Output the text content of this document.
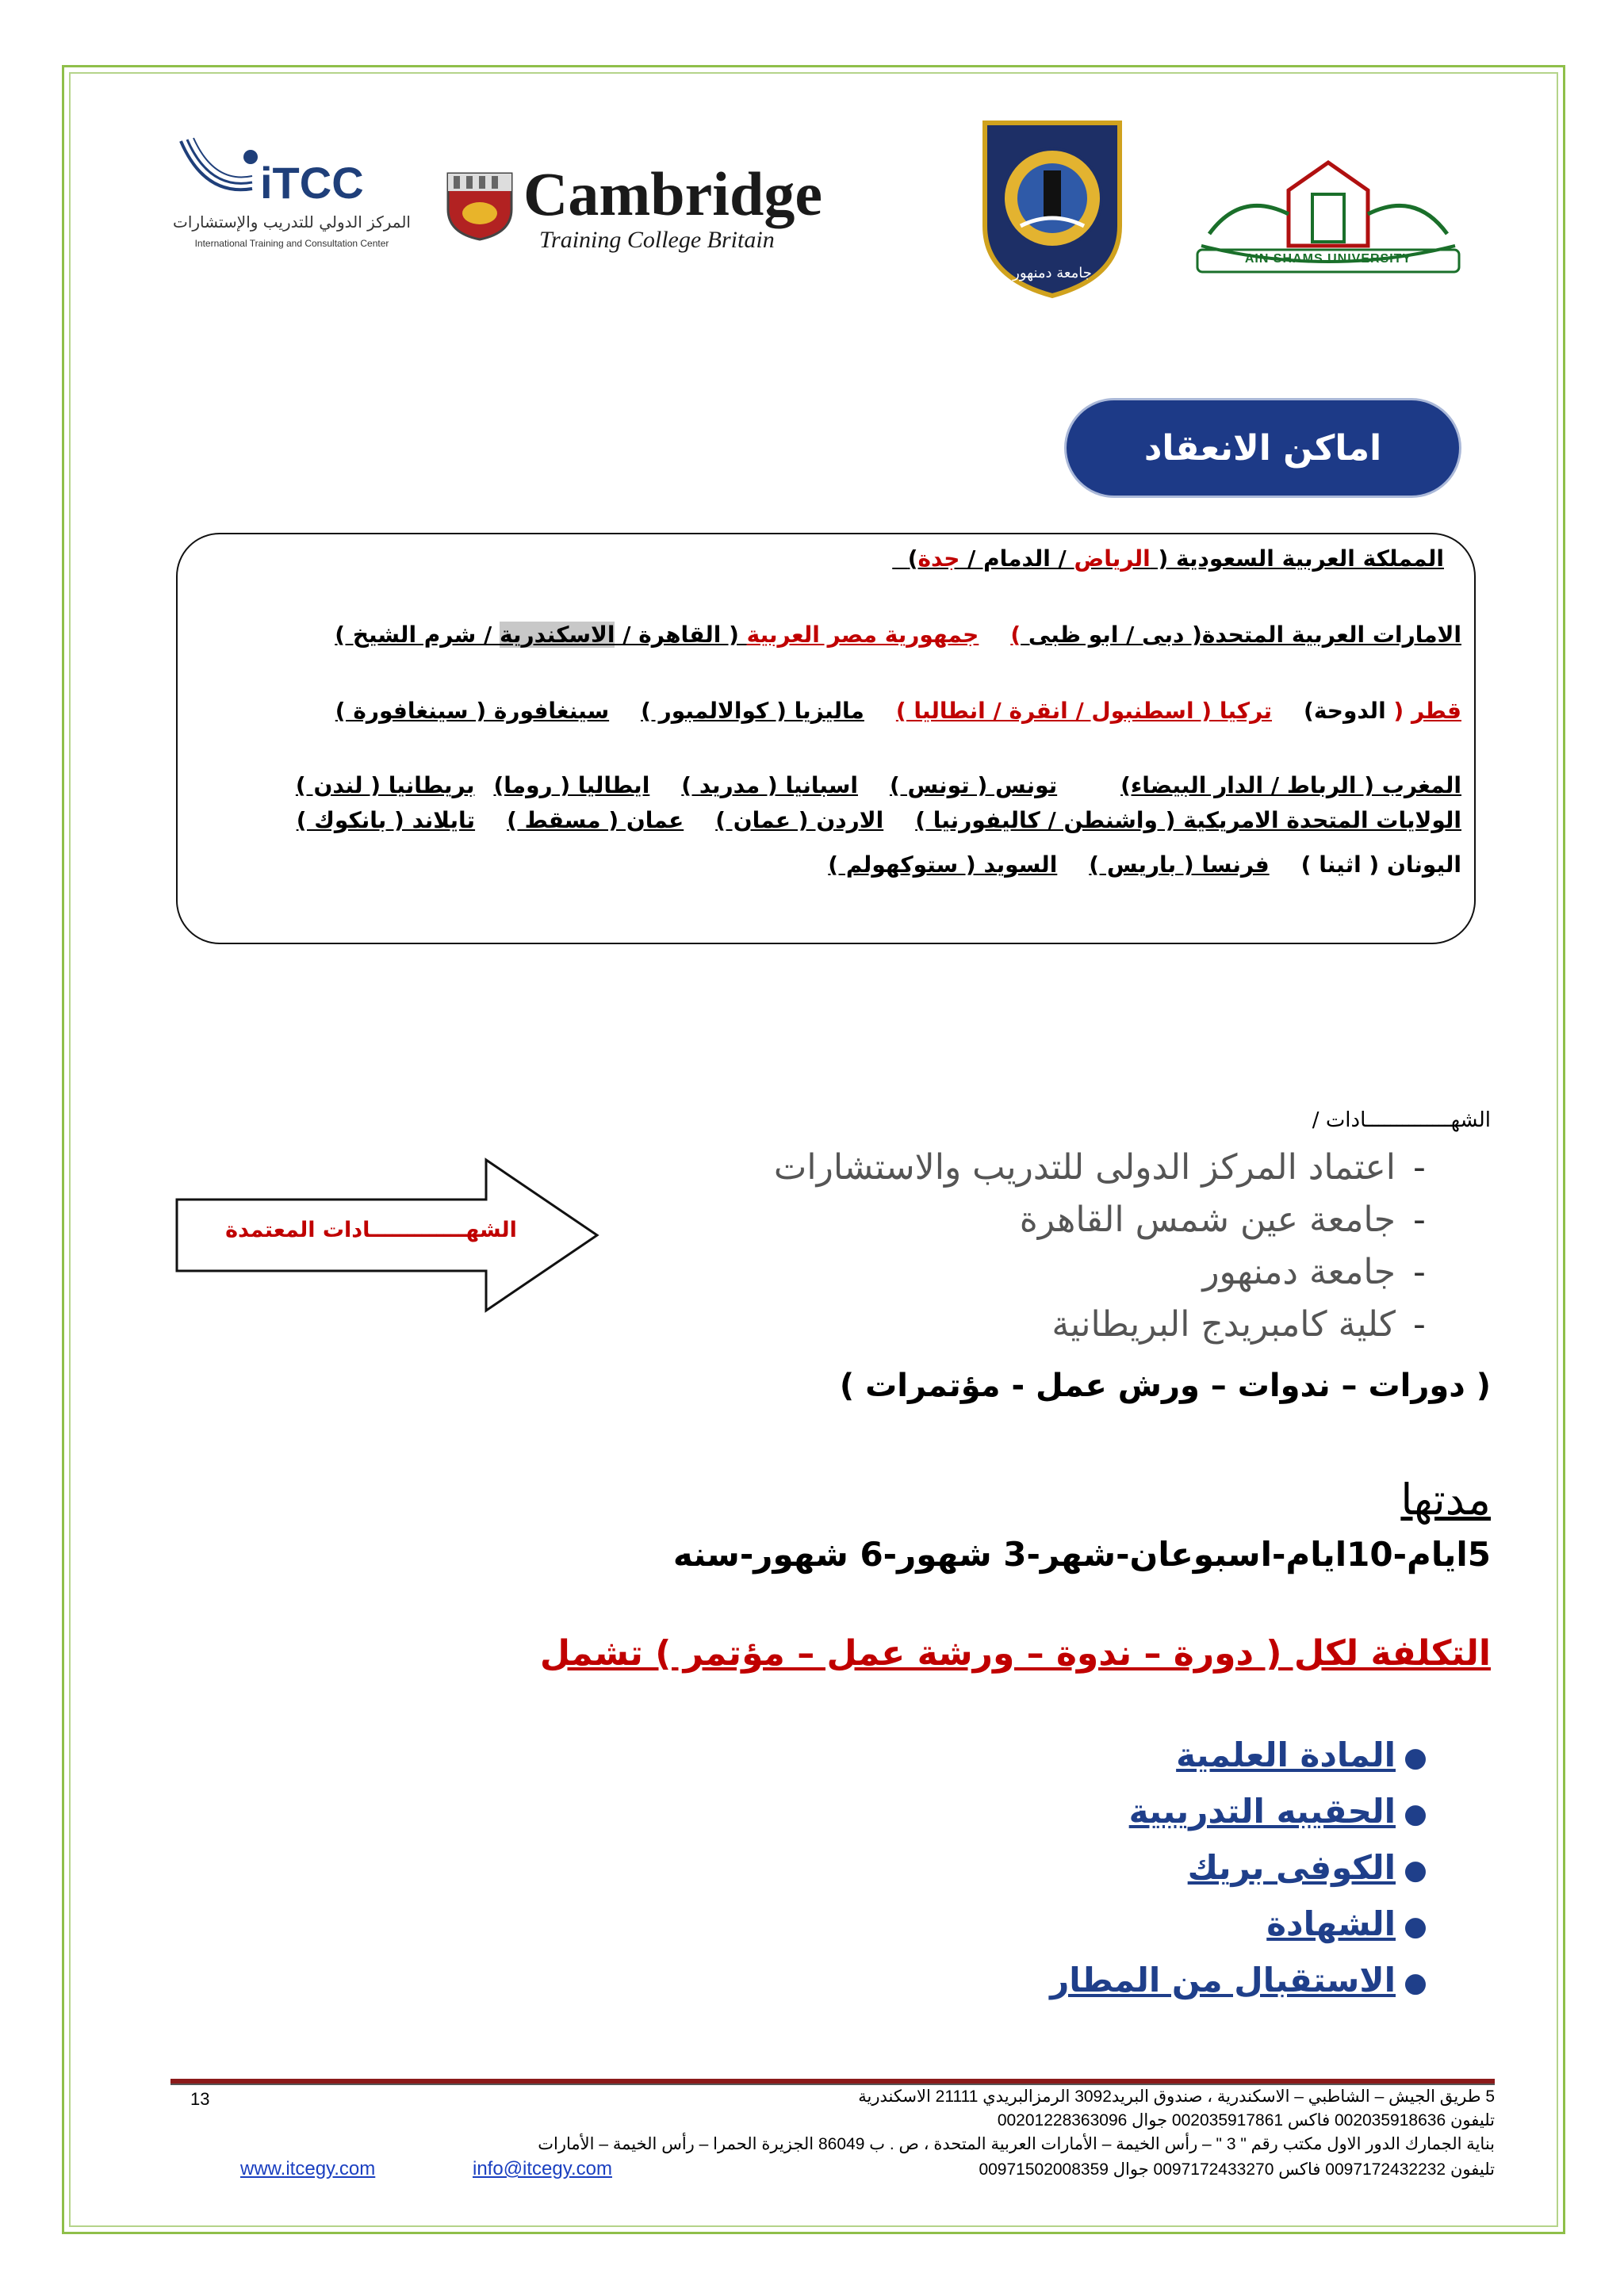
iTCC
المركز الدولي للتدريب والإستشارات
International Training and Consultation Center
Cambridge
Training College Britain
جامعة دمنهور
AIN SHAMS UNIVERSITY
اماكن الانعقاد
المملكة العربية السعودية ( الرياض / الدمام / جدة)
الامارات العربية المتحدة( دبى / ابو ظبى )جمهورية مصر العربية ( القاهرة / الاسكندرية / شرم الشيخ )
قطر ( الدوحة)تركيا ( اسطنبول / انقرة / انطاليا )ماليزيا ( كوالالمبور )سينغافورة ( سينغافورة )
المغرب ( الرباط / الدار البيضاء)تونس ( تونس )اسبانيا ( مدريد )ايطاليا ( روما)بريطانيا ( لندن )
الولايات المتحدة الامريكية ( واشنطن / كاليفورنيا )الاردن ( عمان )عمان ( مسقط )تايلاند ( بانكوك )
اليونان ( اثينا )فرنسا ( باريس )السويد ( ستوكهولم )
الشهــــــــــــــادات /
-اعتماد المركز الدولى للتدريب والاستشارات
-جامعة عين شمس القاهرة
-جامعة دمنهور
-كلية كامبريدج البريطانية
الشهـــــــــــــادات المعتمدة
( دورات – ندوات – ورش عمل - مؤتمرات )
مدتها
5ايام-10ايام-اسبوعان-شهر-3 شهور-6 شهور-سنه
التكلفة لكل ( دورة – ندوة – ورشة عمل – مؤتمر ) تشمل
●المادة العلمية
●الحقيبه التدريبية
●الكوفى بريك
●الشهادة
●الاستقبال من المطار
13	5 طريق الجيش – الشاطبي – الاسكندرية ، صندوق البريد3092 الرمزالبريدي 21111 الاسكندرية
تليفون 002035918636 فاكس 002035917861 جوال 00201228363096
بناية الجمارك الدور الاول مكتب رقم " 3 " – رأس الخيمة – الأمارات العربية المتحدة ، ص . ب 86049 الجزيرة الحمرا – رأس الخيمة – الأمارات
تليفون 0097172432232 فاكس 0097172433270 جوال 00971502008359
www.itcegy.com	info@itcegy.com
